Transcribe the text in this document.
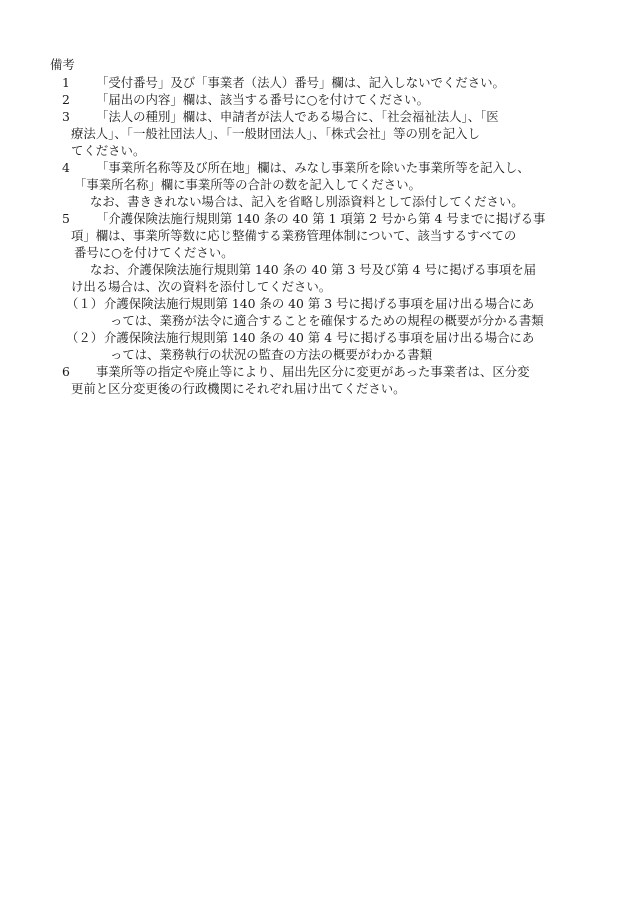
備考
1	「受付番号」及び「事業者（法人）番号」欄は、記入しないでください。

2	「届出の内容」欄は、該当する番号に○を付けてください。

3	「法人の種別」欄は、申請者が法人である場合に、「社会福祉法人」、「医

療法人」、「一般社団法人」、「一般財団法人」、「株式会社」等の別を記入し

てください。

4	「事業所名称等及び所在地」欄は、みなし事業所を除いた事業所等を記入し、

「事業所名称」欄に事業所等の合計の数を記入してください。

なお、書ききれない場合は、記入を省略し別添資料として添付してください。

5	「介護保険法施行規則第 140 条の 40 第 1 項第 2 号から第 4 号までに掲げる事

項」欄は、事業所等数に応じ整備する業務管理体制について、該当するすべての

番号に○を付けてください。

なお、介護保険法施行規則第 140 条の 40 第 3 号及び第 4 号に掲げる事項を届

け出る場合は、次の資料を添付してください。

（１） 介護保険法施行規則第 140 条の 40 第 3 号に掲げる事項を届け出る場合にあ

っては、業務が法令に適合することを確保するための規程の概要が分かる書類

（２） 介護保険法施行規則第 140 条の 40 第 4 号に掲げる事項を届け出る場合にあ

っては、業務執行の状況の監査の方法の概要がわかる書類

6	事業所等の指定や廃止等により、届出先区分に変更があった事業者は、区分変

更前と区分変更後の行政機関にそれぞれ届け出てください。
